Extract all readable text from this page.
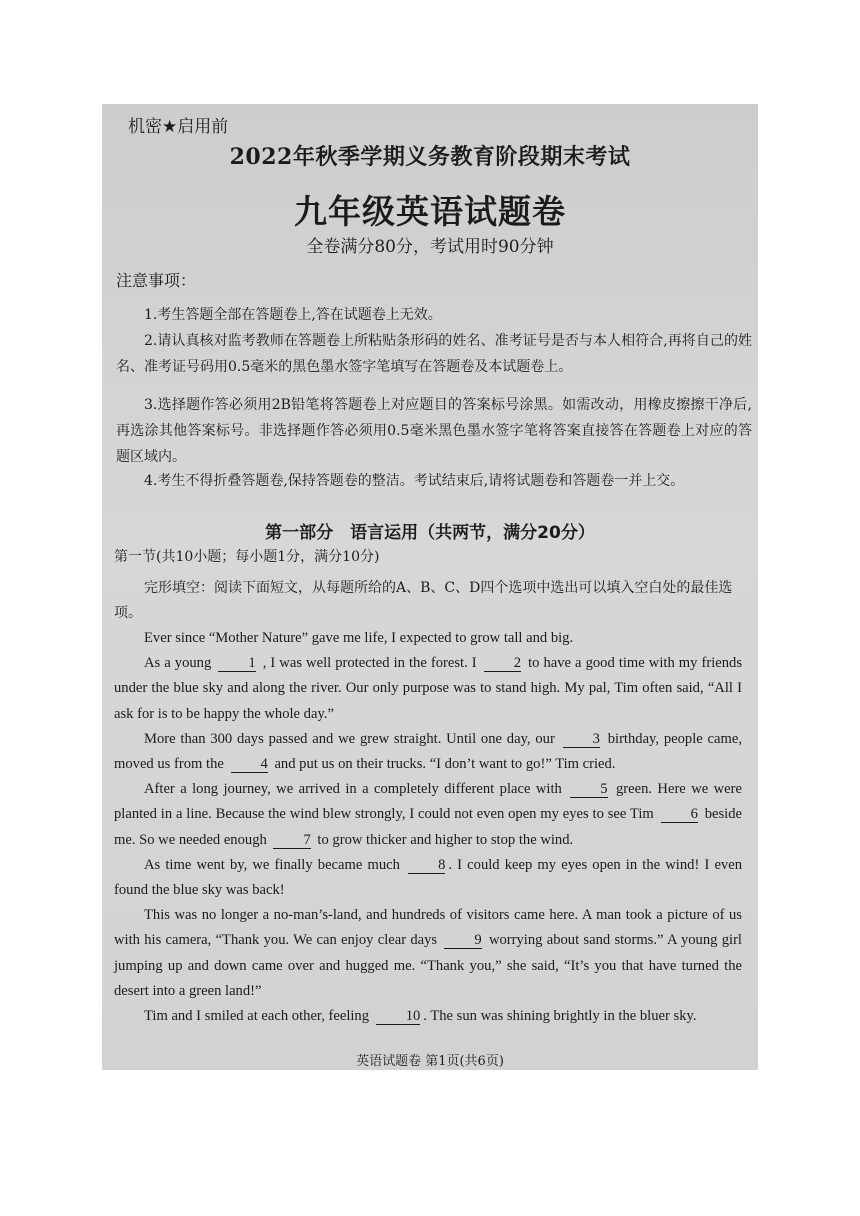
机密★启用前
2022年秋季学期义务教育阶段期末考试
九年级英语试题卷
全卷满分80分，考试用时90分钟
注意事项：
1.考生答题全部在答题卷上,答在试题卷上无效。
2.请认真核对监考教师在答题卷上所粘贴条形码的姓名、准考证号是否与本人相符合,再将自己的姓名、准考证号码用0.5毫米的黑色墨水签字笔填写在答题卷及本试题卷上。
3.选择题作答必须用2B铅笔将答题卷上对应题目的答案标号涂黑。如需改动，用橡皮擦擦干净后,再选涂其他答案标号。非选择题作答必须用0.5毫米黑色墨水签字笔将答案直接答在答题卷上对应的答题区域内。
4.考生不得折叠答题卷,保持答题卷的整洁。考试结束后,请将试题卷和答题卷一并上交。
第一部分　语言运用（共两节，满分20分）
第一节(共10小题；每小题1分，满分10分)
完形填空：阅读下面短文，从每题所给的A、B、C、D四个选项中选出可以填入空白处的最佳选项。

Ever since “Mother Nature” gave me life, I expected to grow tall and big.

As a young	1 , I was well protected in the forest. I	2 to have a good time with my friends under the blue sky and along the river. Our only purpose was to stand high. My pal, Tim often said, “All I ask for is to be happy the whole day.”

More than 300 days passed and we grew straight. Until one day, our	3 birthday, people came, moved us from the	4 and put us on their trucks. “I don’t want to go!” Tim cried.

After a long journey, we arrived in a completely different place with	5 green. Here we were planted in a line. Because the wind blew strongly, I could not even open my eyes to see Tim	6 beside me. So we needed enough	7 to grow thicker and higher to stop the wind.

As time went by, we finally became much	8 . I could keep my eyes open in the wind! I even found the blue sky was back!

This was no longer a no-man’s-land, and hundreds of visitors came here. A man took a picture of us with his camera, “Thank you. We can enjoy clear days	9 worrying about sand storms.” A young girl jumping up and down came over and hugged me. “Thank you,” she said, “It’s you that have turned the desert into a green land!”

Tim and I smiled at each other, feeling	10 . The sun was shining brightly in the bluer sky.

英语试题卷 第1页(共6页)
